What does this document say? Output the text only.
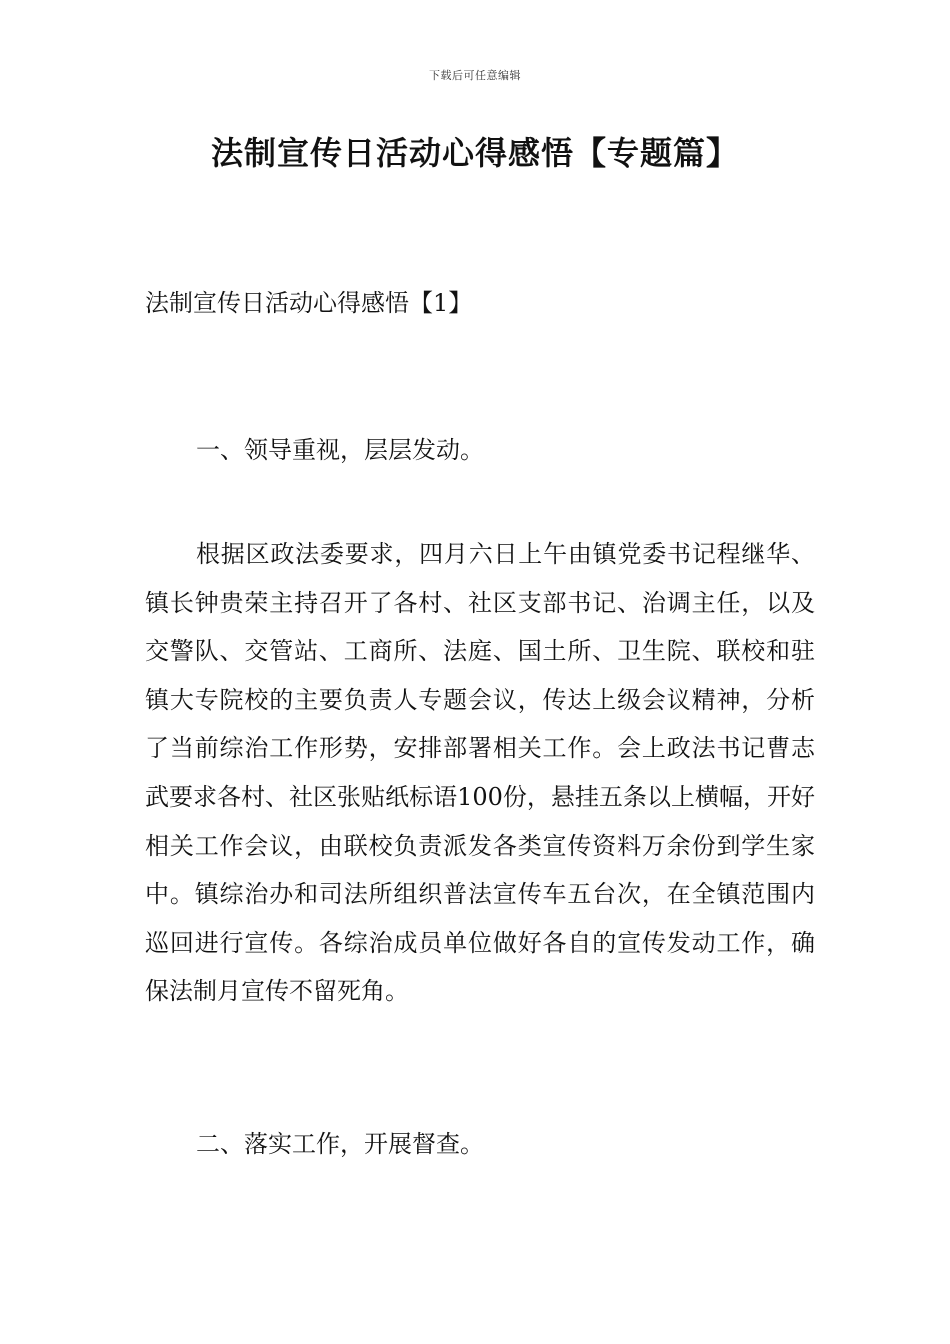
下载后可任意编辑
法制宣传日活动心得感悟【专题篇】
法制宣传日活动心得感悟【1】
一、领导重视，层层发动。

根据区政法委要求，四月六日上午由镇党委书记程继华、镇长钟贵荣主持召开了各村、社区支部书记、治调主任，以及交警队、交管站、工商所、法庭、国土所、卫生院、联校和驻镇大专院校的主要负责人专题会议，传达上级会议精神，分析了当前综治工作形势，安排部署相关工作。会上政法书记曹志武要求各村、社区张贴纸标语100份，悬挂五条以上横幅，开好相关工作会议，由联校负责派发各类宣传资料万余份到学生家中。镇综治办和司法所组织普法宣传车五台次，在全镇范围内巡回进行宣传。各综治成员单位做好各自的宣传发动工作，确保法制月宣传不留死角。

二、落实工作，开展督查。
